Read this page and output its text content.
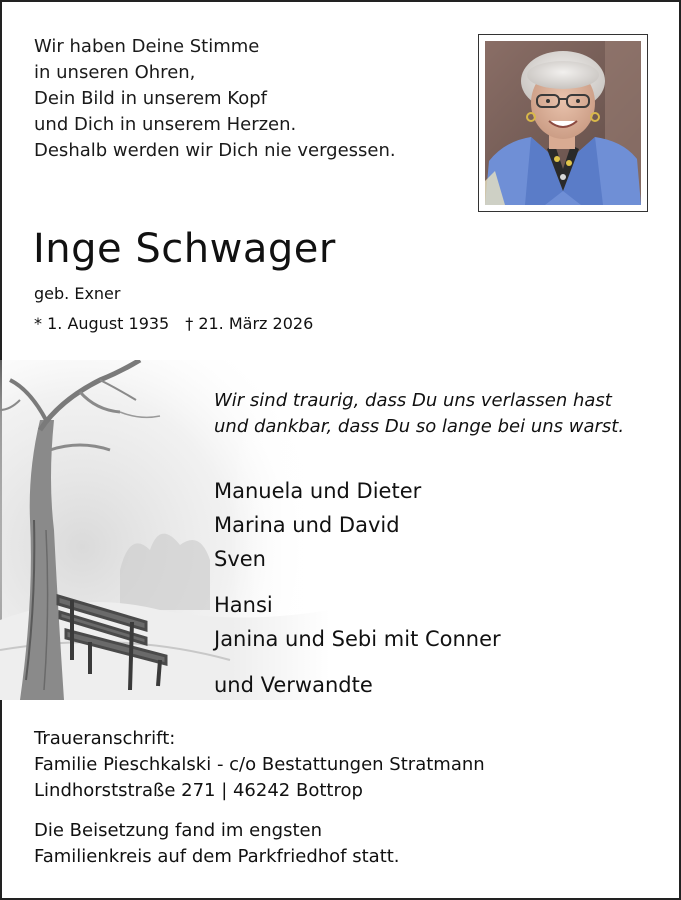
Wir haben Deine Stimme
in unseren Ohren,
Dein Bild in unserem Kopf
und Dich in unserem Herzen.
Deshalb werden wir Dich nie vergessen.
Inge Schwager
geb. Exner
* 1. August 1935 † 21. März 2026
Wir sind traurig, dass Du uns verlassen hast
und dankbar, dass Du so lange bei uns warst.
Manuela und Dieter
Marina und David
Sven
Hansi
Janina und Sebi mit Conner
und Verwandte
Traueranschrift:
Familie Pieschkalski - c/o Bestattungen Stratmann
Lindhorststraße 271 | 46242 Bottrop
Die Beisetzung fand im engsten
Familienkreis auf dem Parkfriedhof statt.
